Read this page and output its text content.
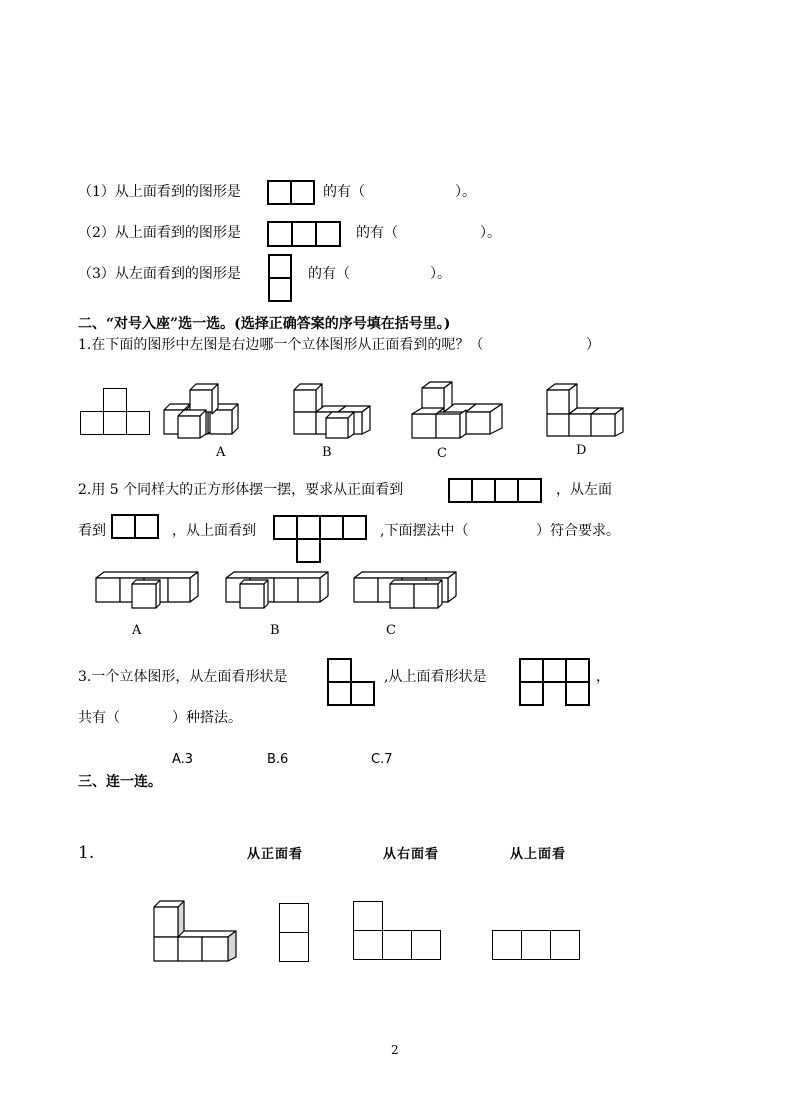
（1）从上面看到的图形是	的有（	）。
（2）从上面看到的图形是	的有（	）。
（3）从左面看到的图形是	的有（	）。
二、“对号入座”选一选。(选择正确答案的序号填在括号里。)
1.在下面的图形中左图是右边哪一个立体图形从正面看到的呢？（	）
A	B	C	D
2.用 5 个同样大的正方形体摆一摆，要求从正面看到	，从左面
看到	，从上面看到	,下面摆法中（	）符合要求。
A	B	C
3.一个立体图形，从左面看形状是	,从上面看形状是	，
共有（	）种搭法。
A.3	B.6	C.7
三、连一连。
1.	从正面看	从右面看	从上面看
2
